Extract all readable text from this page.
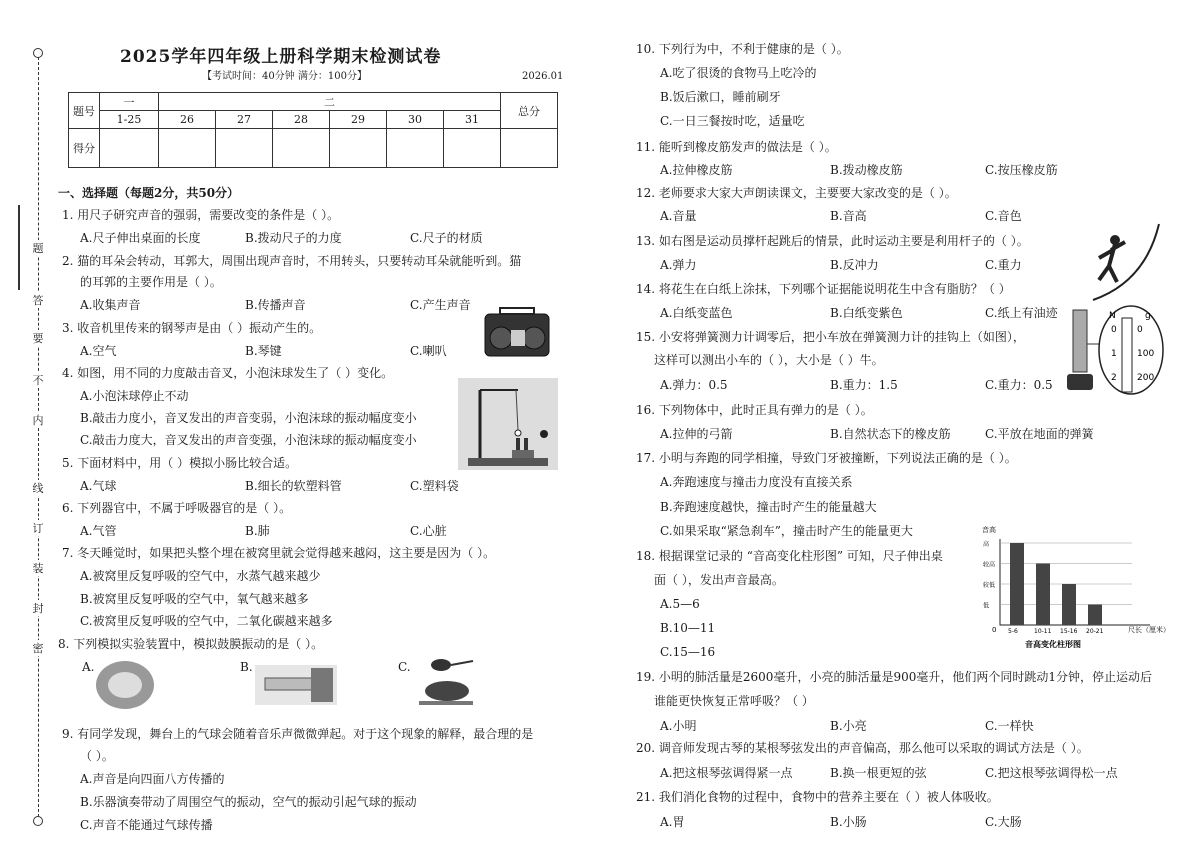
密
封
装
订
线
内
不
要
答
题
2025学年四年级上册科学期末检测试卷
【考试时间：40分钟 满分：100分】	2026.01
题号	一	二						总分
	1-25	26	27	28	29	30	31	
得分								
一、选择题（每题2分，共50分）
1. 用尺子研究声音的强弱，需要改变的条件是（ ）。
A.尺子伸出桌面的长度	B.拨动尺子的力度	C.尺子的材质
2. 猫的耳朵会转动，耳郭大，周围出现声音时，不用转头，只要转动耳朵就能听到。猫
的耳郭的主要作用是（ ）。
A.收集声音	B.传播声音	C.产生声音
3. 收音机里传来的钢琴声是由（ ）振动产生的。
A.空气	B.琴键	C.喇叭
4. 如图，用不同的力度敲击音叉，小泡沫球发生了（ ）变化。
A.小泡沫球停止不动
B.敲击力度小，音叉发出的声音变弱，小泡沫球的振动幅度变小
C.敲击力度大，音叉发出的声音变强，小泡沫球的振动幅度变小
5. 下面材料中，用（ ）模拟小肠比较合适。
A.气球	B.细长的软塑料管	C.塑料袋
6. 下列器官中，不属于呼吸器官的是（ ）。
A.气管	B.肺	C.心脏
7. 冬天睡觉时，如果把头整个埋在被窝里就会觉得越来越闷，这主要是因为（ ）。
A.被窝里反复呼吸的空气中，水蒸气越来越少
B.被窝里反复呼吸的空气中，氧气越来越多
C.被窝里反复呼吸的空气中，二氧化碳越来越多
8. 下列模拟实验装置中，模拟鼓膜振动的是（ ）。
A.	B.	C.
9. 有同学发现，舞台上的气球会随着音乐声微微弹起。对于这个现象的解释，最合理的是
（ ）。
A.声音是向四面八方传播的
B.乐器演奏带动了周围空气的振动，空气的振动引起气球的振动
C.声音不能通过气球传播
10. 下列行为中，不利于健康的是（ ）。
A.吃了很烫的食物马上吃冷的
B.饭后漱口，睡前刷牙
C.一日三餐按时吃，适量吃
11. 能听到橡皮筋发声的做法是（ ）。
A.拉伸橡皮筋	B.拨动橡皮筋	C.按压橡皮筋
12. 老师要求大家大声朗读课文，主要要大家改变的是（ ）。
A.音量	B.音高	C.音色
13. 如右图是运动员撑杆起跳后的情景，此时运动主要是利用杆子的（ ）。
A.弹力	B.反冲力	C.重力
14. 将花生在白纸上涂抹，下列哪个证据能说明花生中含有脂肪？（ ）
A.白纸变蓝色	B.白纸变紫色	C.纸上有油迹
15. 小安将弹簧测力计调零后，把小车放在弹簧测力计的挂钩上（如图），
这样可以测出小车的（ ），大小是（ ）牛。
A.弹力：0.5	B.重力：1.5	C.重力：0.5
16. 下列物体中，此时正具有弹力的是（ ）。
A.拉伸的弓箭	B.自然状态下的橡皮筋	C.平放在地面的弹簧
17. 小明与奔跑的同学相撞，导致门牙被撞断，下列说法正确的是（ ）。
A.奔跑速度与撞击力度没有直接关系
B.奔跑速度越快，撞击时产生的能量越大
C.如果采取“紧急刹车”，撞击时产生的能量更大
18. 根据课堂记录的 “音高变化柱形图” 可知，尺子伸出桌
面（ ），发出声音最高。
A.5—6
B.10—11
C.15—16
19. 小明的肺活量是2600毫升，小亮的肺活量是900毫升，他们两个同时跳动1分钟，停止运动后
谁能更快恢复正常呼吸？（ ）
A.小明	B.小亮	C.一样快
20. 调音师发现古琴的某根琴弦发出的声音偏高，那么他可以采取的调试方法是（ ）。
A.把这根琴弦调得紧一点	B.换一根更短的弦	C.把这根琴弦调得松一点
21. 我们消化食物的过程中，食物中的营养主要在（ ）被人体吸收。
A.胃	B.小肠	C.大肠
N	g
0
1
2
0
100
200
音高
0	尺长（厘米）
音高变化柱形图
高
较高
较低
低
5-6	10-11 15-16 20-21
